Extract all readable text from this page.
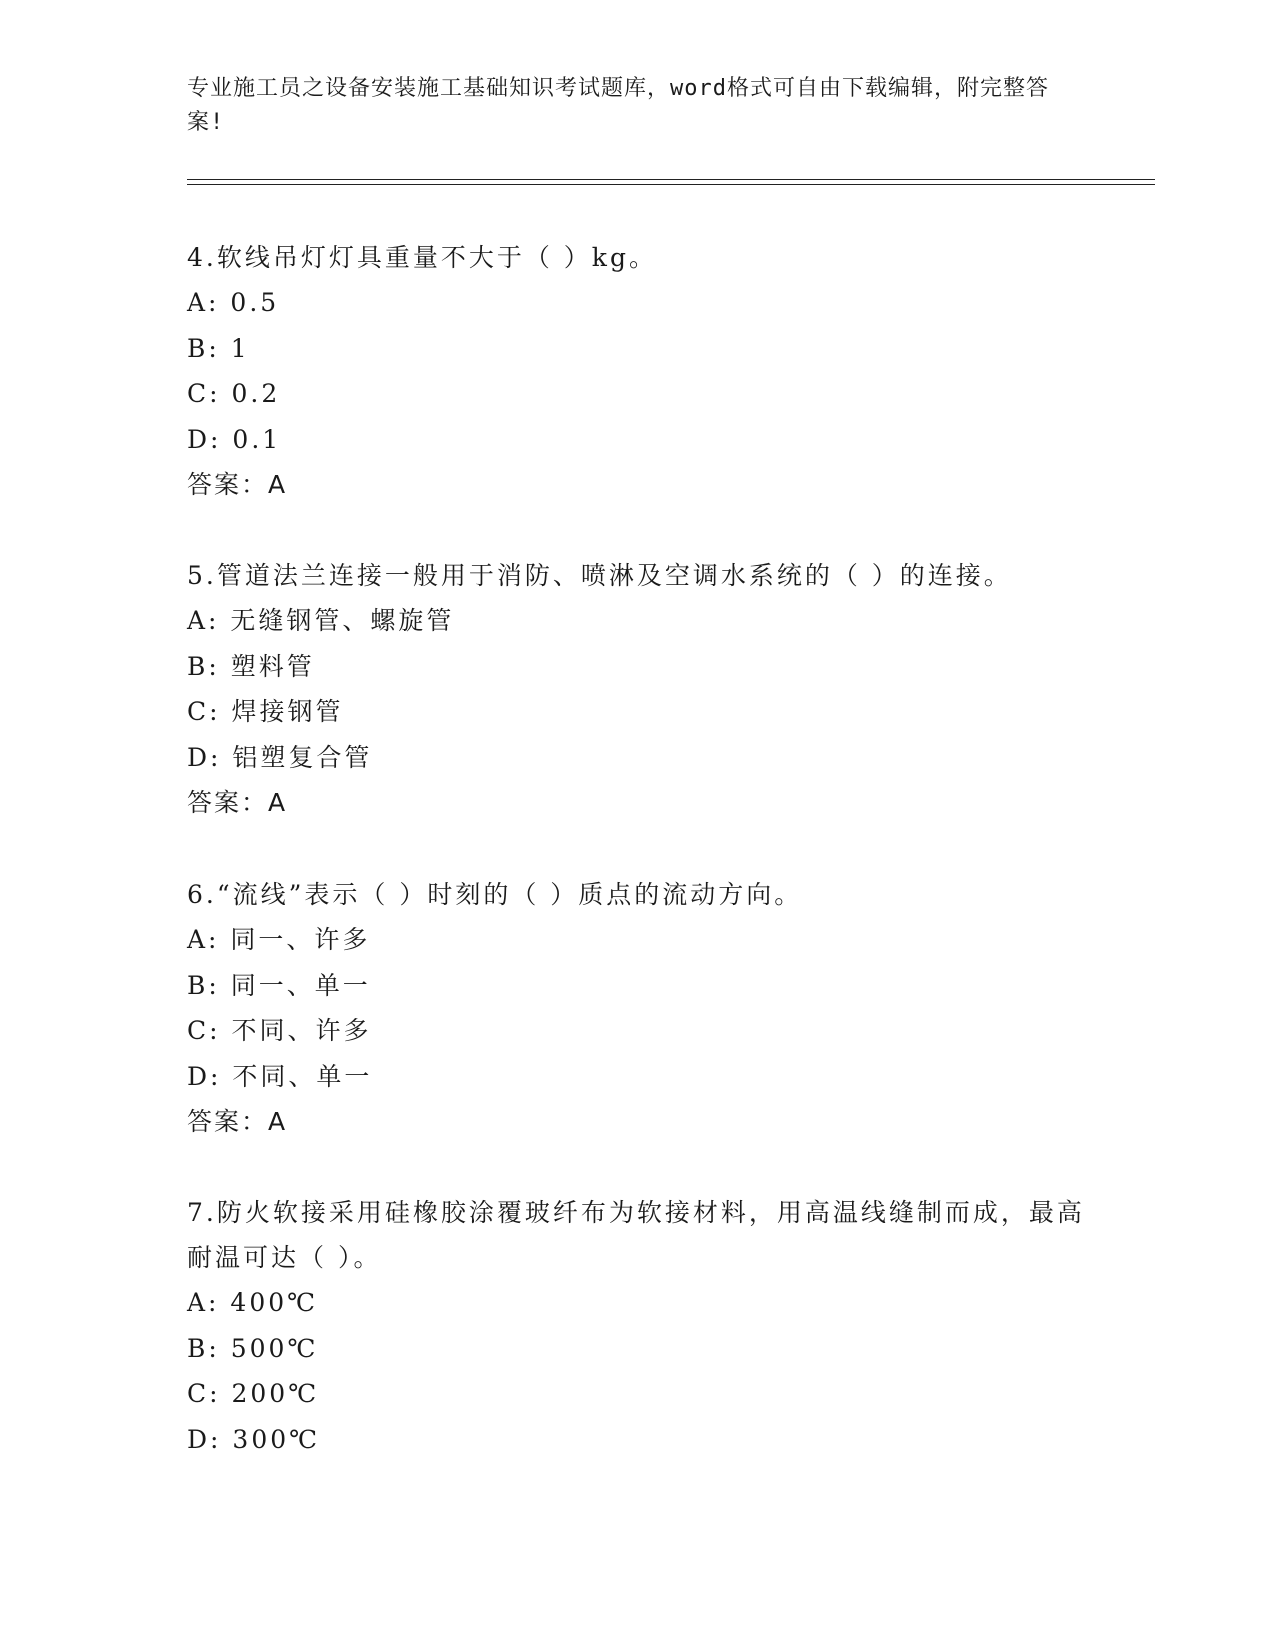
专业施工员之设备安装施工基础知识考试题库，word格式可自由下载编辑，附完整答案!
4.软线吊灯灯具重量不大于（ ）kg。
A: 0.5
B: 1
C: 0.2
D: 0.1
答案：A
5.管道法兰连接一般用于消防、喷淋及空调水系统的（ ）的连接。
A: 无缝钢管、螺旋管
B: 塑料管
C: 焊接钢管
D: 铝塑复合管
答案：A
6.“流线”表示（ ）时刻的（ ）质点的流动方向。
A: 同一、许多
B: 同一、单一
C: 不同、许多
D: 不同、单一
答案：A
7.防火软接采用硅橡胶涂覆玻纤布为软接材料，用高温线缝制而成，最高耐温可达（ ）。
A: 400℃
B: 500℃
C: 200℃
D: 300℃
